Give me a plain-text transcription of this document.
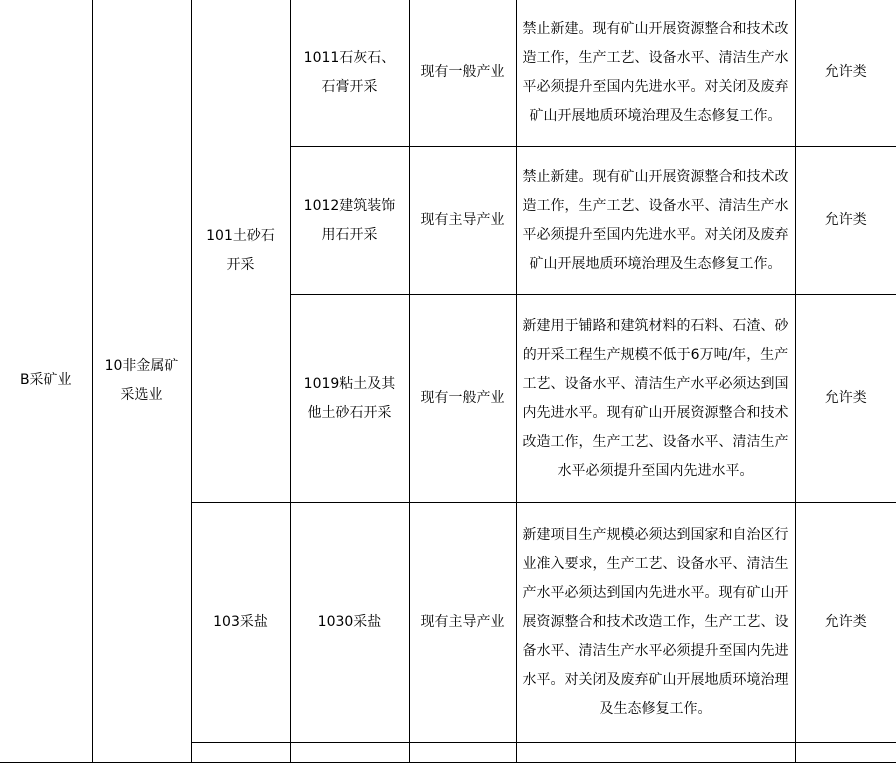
B采矿业	10非金属矿采选业	101土砂石开采	1011石灰石、石膏开采	现有一般产业	禁止新建。现有矿山开展资源整合和技术改造工作，生产工艺、设备水平、清洁生产水平必须提升至国内先进水平。对关闭及废弃矿山开展地质环境治理及生态修复工作。	允许类
			1012建筑装饰用石开采	现有主导产业	禁止新建。现有矿山开展资源整合和技术改造工作，生产工艺、设备水平、清洁生产水平必须提升至国内先进水平。对关闭及废弃矿山开展地质环境治理及生态修复工作。	允许类
			1019粘土及其他土砂石开采	现有一般产业	新建用于铺路和建筑材料的石料、石渣、砂的开采工程生产规模不低于6万吨/年，生产工艺、设备水平、清洁生产水平必须达到国内先进水平。现有矿山开展资源整合和技术改造工作，生产工艺、设备水平、清洁生产水平必须提升至国内先进水平。	允许类
		103采盐	1030采盐	现有主导产业	新建项目生产规模必须达到国家和自治区行业准入要求，生产工艺、设备水平、清洁生产水平必须达到国内先进水平。现有矿山开展资源整合和技术改造工作，生产工艺、设备水平、清洁生产水平必须提升至国内先进水平。对关闭及废弃矿山开展地质环境治理及生态修复工作。	允许类
